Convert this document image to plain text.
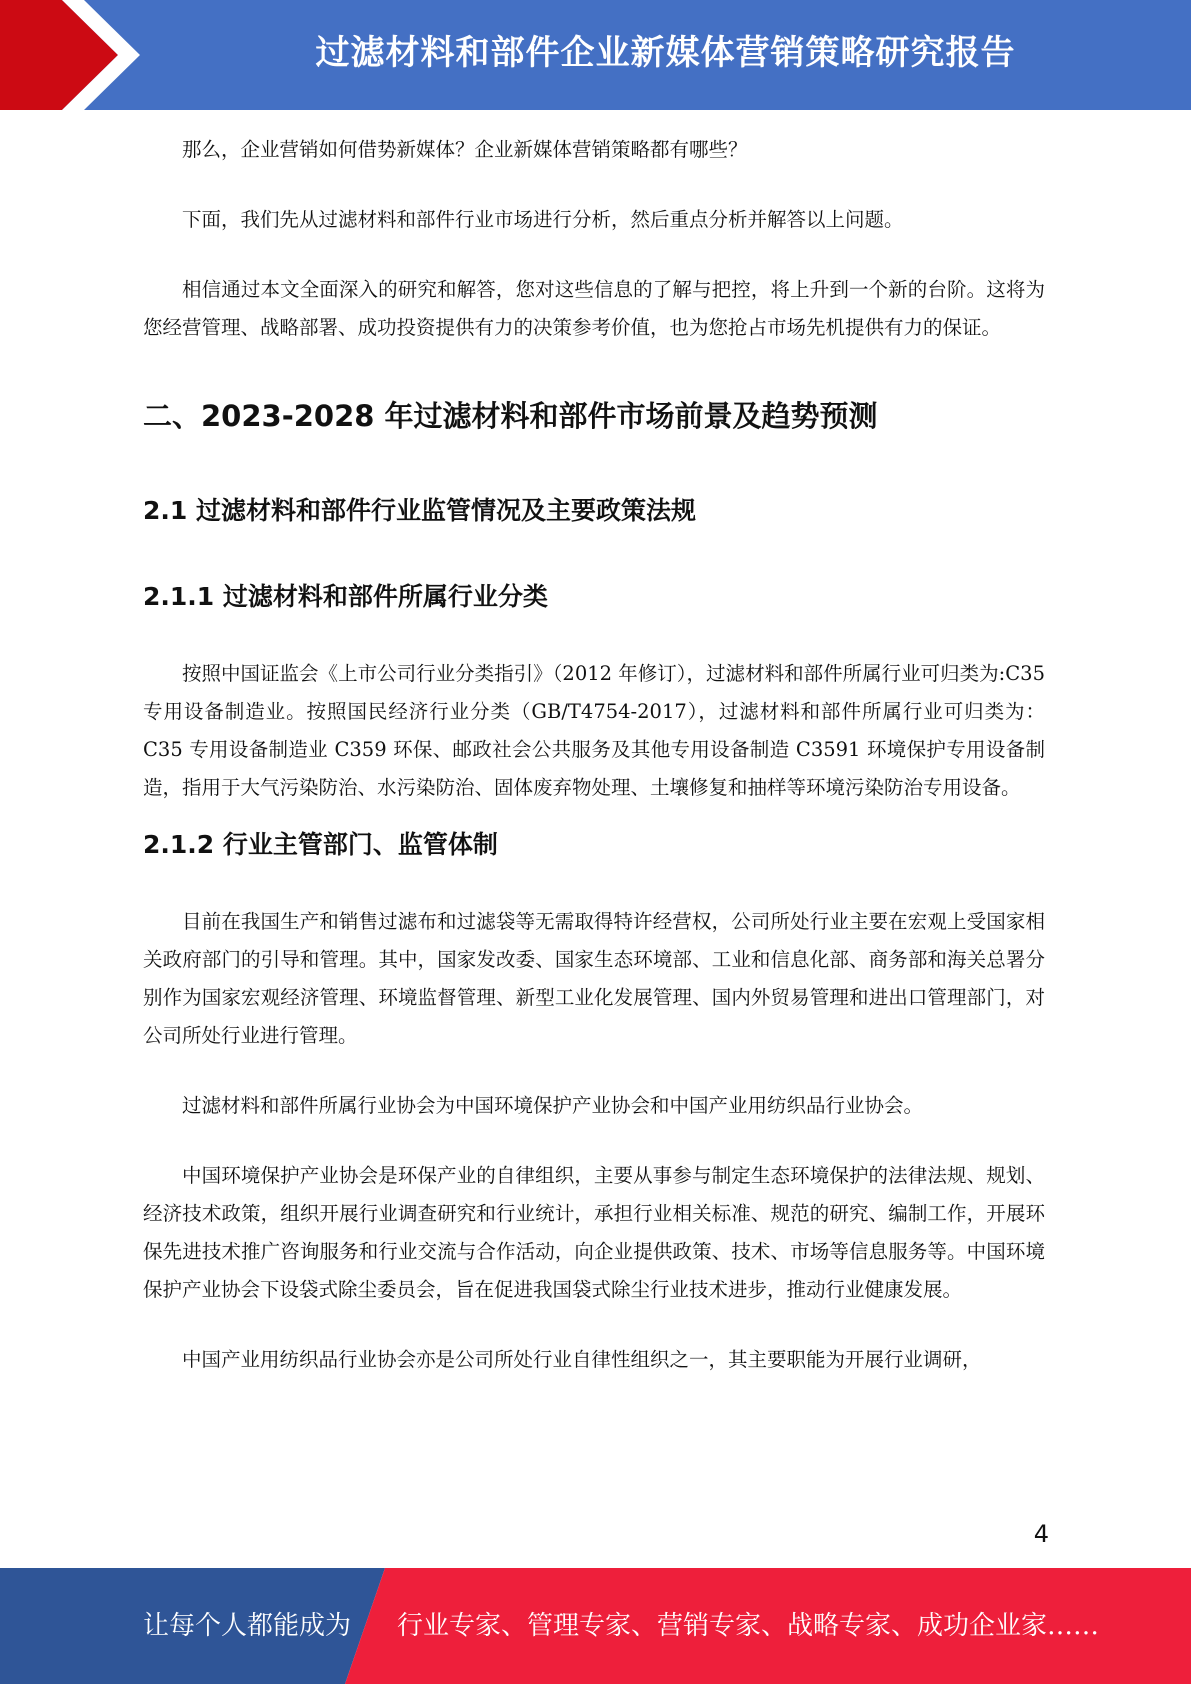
过滤材料和部件企业新媒体营销策略研究报告

那么，企业营销如何借势新媒体？企业新媒体营销策略都有哪些？

下面，我们先从过滤材料和部件行业市场进行分析，然后重点分析并解答以上问题。

相信通过本文全面深入的研究和解答，您对这些信息的了解与把控，将上升到一个新的台阶。这将为您经营管理、战略部署、成功投资提供有力的决策参考价值，也为您抢占市场先机提供有力的保证。

二、2023-2028 年过滤材料和部件市场前景及趋势预测
2.1 过滤材料和部件行业监管情况及主要政策法规
2.1.1 过滤材料和部件所属行业分类

按照中国证监会《上市公司行业分类指引》（2012 年修订），过滤材料和部件所属行业可归类为:C35 专用设备制造业。按照国民经济行业分类（GB/T4754-2017），过滤材料和部件所属行业可归类为：C35 专用设备制造业 C359 环保、邮政社会公共服务及其他专用设备制造 C3591 环境保护专用设备制造，指用于大气污染防治、水污染防治、固体废弃物处理、土壤修复和抽样等环境污染防治专用设备。

2.1.2 行业主管部门、监管体制

目前在我国生产和销售过滤布和过滤袋等无需取得特许经营权，公司所处行业主要在宏观上受国家相关政府部门的引导和管理。其中，国家发改委、国家生态环境部、工业和信息化部、商务部和海关总署分别作为国家宏观经济管理、环境监督管理、新型工业化发展管理、国内外贸易管理和进出口管理部门，对公司所处行业进行管理。

过滤材料和部件所属行业协会为中国环境保护产业协会和中国产业用纺织品行业协会。

中国环境保护产业协会是环保产业的自律组织，主要从事参与制定生态环境保护的法律法规、规划、经济技术政策，组织开展行业调查研究和行业统计，承担行业相关标准、规范的研究、编制工作，开展环保先进技术推广咨询服务和行业交流与合作活动，向企业提供政策、技术、市场等信息服务等。中国环境保护产业协会下设袋式除尘委员会，旨在促进我国袋式除尘行业技术进步，推动行业健康发展。

中国产业用纺织品行业协会亦是公司所处行业自律性组织之一，其主要职能为开展行业调研，

4
让每个人都能成为 行业专家、管理专家、营销专家、战略专家、成功企业家……
